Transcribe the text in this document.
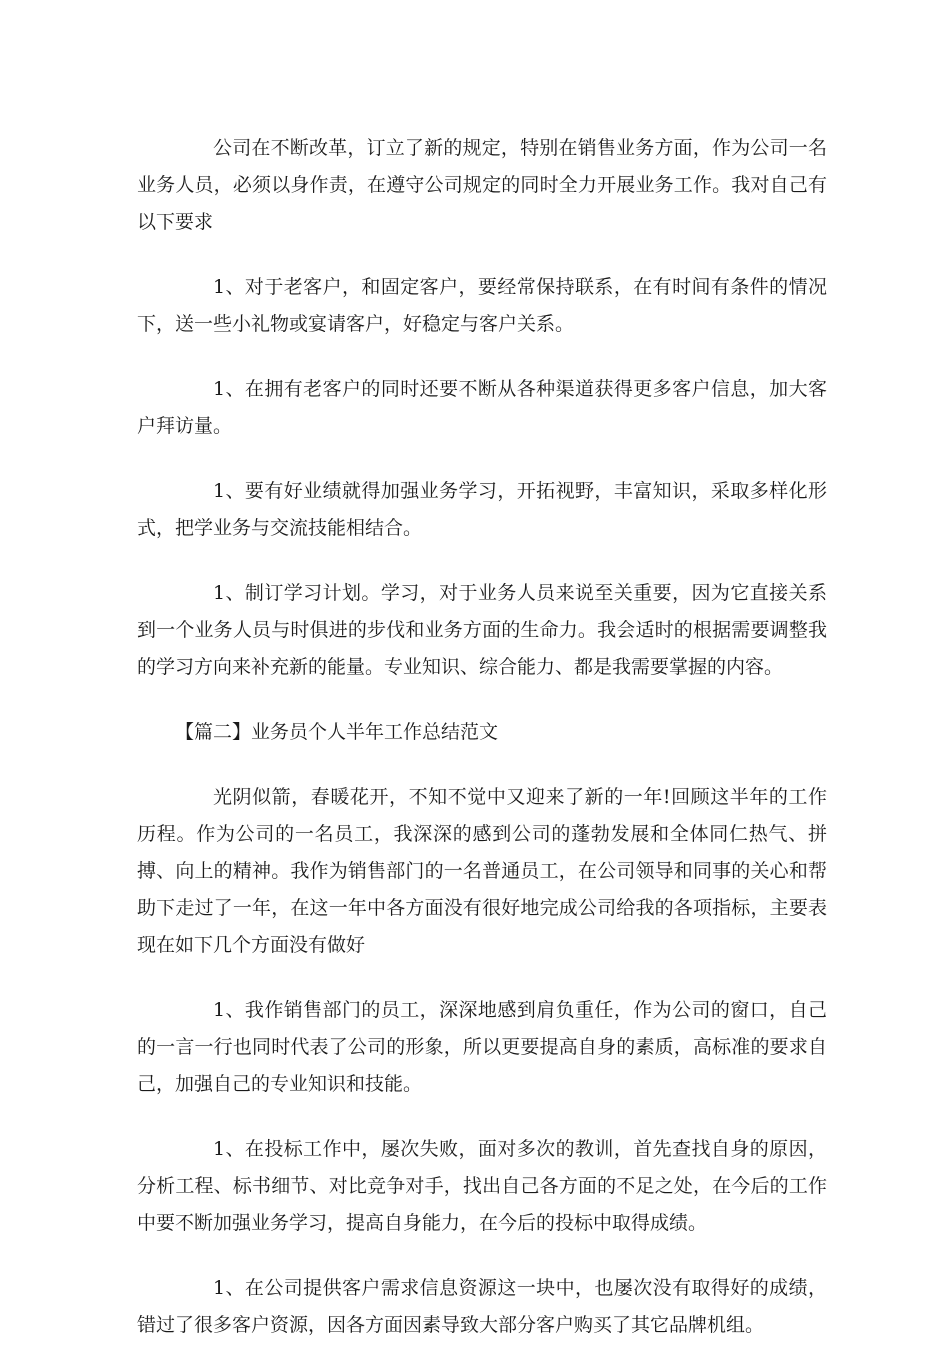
公司在不断改革，订立了新的规定，特别在销售业务方面，作为公司一名业务人员，必须以身作责，在遵守公司规定的同时全力开展业务工作。我对自己有以下要求

1、对于老客户，和固定客户，要经常保持联系，在有时间有条件的情况下，送一些小礼物或宴请客户，好稳定与客户关系。

1、在拥有老客户的同时还要不断从各种渠道获得更多客户信息，加大客户拜访量。

1、要有好业绩就得加强业务学习，开拓视野，丰富知识，采取多样化形式，把学业务与交流技能相结合。

1、制订学习计划。学习，对于业务人员来说至关重要，因为它直接关系到一个业务人员与时俱进的步伐和业务方面的生命力。我会适时的根据需要调整我的学习方向来补充新的能量。专业知识、综合能力、都是我需要掌握的内容。

【篇二】业务员个人半年工作总结范文

光阴似箭，春暖花开，不知不觉中又迎来了新的一年!回顾这半年的工作历程。作为公司的一名员工，我深深的感到公司的蓬勃发展和全体同仁热气、拼搏、向上的精神。我作为销售部门的一名普通员工，在公司领导和同事的关心和帮助下走过了一年，在这一年中各方面没有很好地完成公司给我的各项指标，主要表现在如下几个方面没有做好

1、我作销售部门的员工，深深地感到肩负重任，作为公司的窗口，自己的一言一行也同时代表了公司的形象，所以更要提高自身的素质，高标准的要求自己，加强自己的专业知识和技能。

1、在投标工作中，屡次失败，面对多次的教训，首先查找自身的原因，分析工程、标书细节、对比竞争对手，找出自己各方面的不足之处，在今后的工作中要不断加强业务学习，提高自身能力，在今后的投标中取得成绩。

1、在公司提供客户需求信息资源这一块中，也屡次没有取得好的成绩，错过了很多客户资源，因各方面因素导致大部分客户购买了其它品牌机组。
